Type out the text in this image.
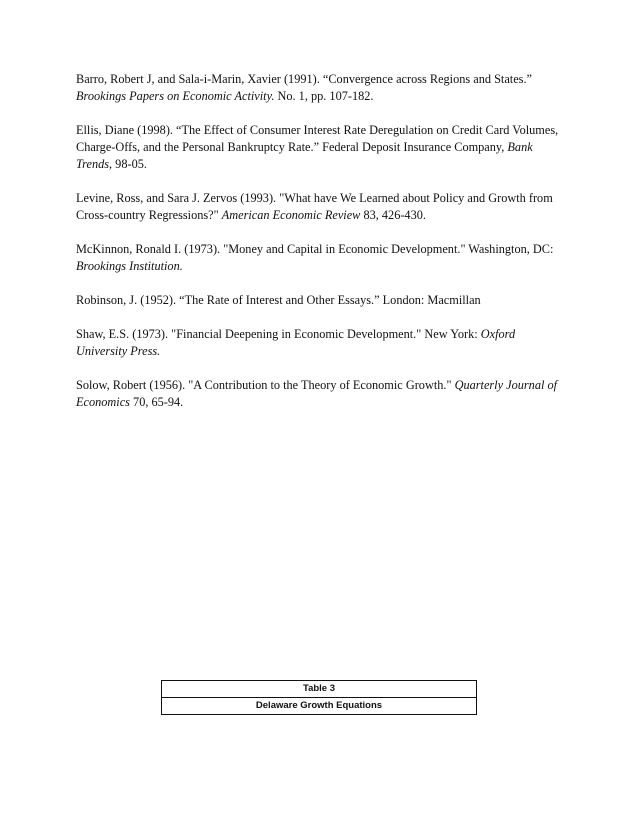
Barro, Robert J, and Sala-i-Marin, Xavier (1991). “Convergence across Regions and States.” Brookings Papers on Economic Activity. No. 1, pp. 107-182.

Ellis, Diane (1998). “The Effect of Consumer Interest Rate Deregulation on Credit Card Volumes, Charge-Offs, and the Personal Bankruptcy Rate.” Federal Deposit Insurance Company, Bank Trends, 98-05.

Levine, Ross, and Sara J. Zervos (1993). "What have We Learned about Policy and Growth from Cross-country Regressions?" American Economic Review 83, 426-430.

McKinnon, Ronald I. (1973). "Money and Capital in Economic Development." Washington, DC: Brookings Institution.

Robinson, J. (1952). “The Rate of Interest and Other Essays.” London: Macmillan

Shaw, E.S. (1973). "Financial Deepening in Economic Development." New York: Oxford University Press.

Solow, Robert (1956). "A Contribution to the Theory of Economic Growth." Quarterly Journal of Economics 70, 65-94.

Table 3
Delaware Growth Equations
